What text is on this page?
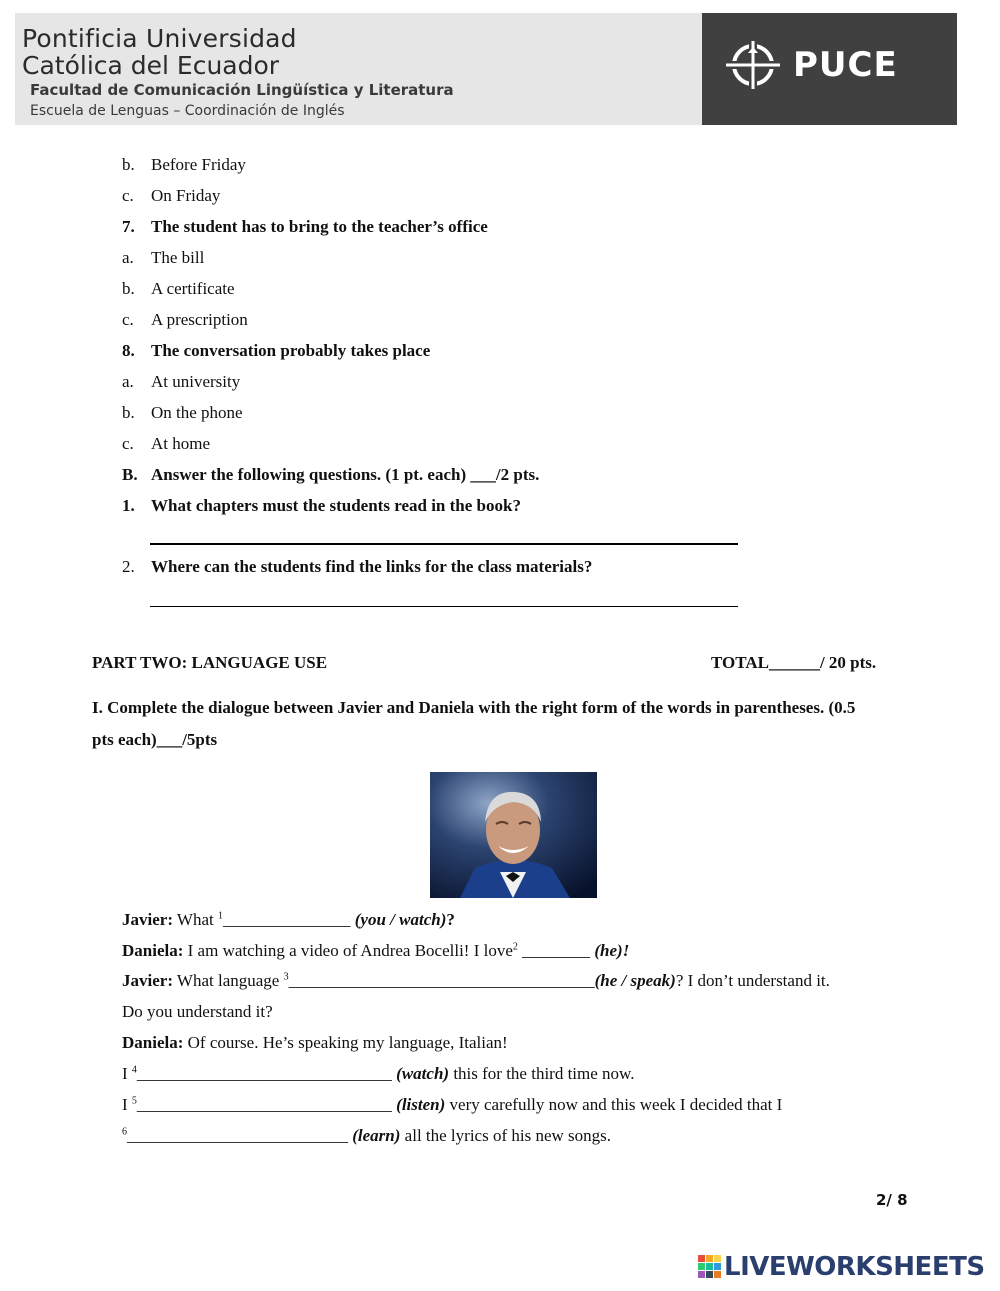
Pontificia Universidad
Católica del Ecuador
Facultad de Comunicación Lingüística y Literatura
Escuela de Lenguas – Coordinación de Inglés
PUCE
b. Before Friday
c. On Friday
7. The student has to bring to the teacher’s office
a. The bill
b. A certificate
c. A prescription
8. The conversation probably takes place
a. At university
b. On the phone
c. At home
B. Answer the following questions. (1 pt. each) ___/2 pts.
1. What chapters must the students read in the book?
2. Where can the students find the links for the class materials?
PART TWO: LANGUAGE USE	TOTAL______/ 20 pts.
I. Complete the dialogue between Javier and Daniela with the right form of the words in parentheses. (0.5
pts each)___/5pts
Javier: What $^1$_______________ (you / watch)?
Daniela: I am watching a video of Andrea Bocelli! I love$^2$ ________ (he)!
Javier: What language $^3$____________________________________(he / speak)? I don’t understand it.
Do you understand it?
Daniela: Of course. He’s speaking my language, Italian!
I $^4$______________________________ (watch) this for the third time now.
I $^5$______________________________ (listen) very carefully now and this week I decided that I
$^6$__________________________ (learn) all the lyrics of his new songs.
2/ 8
LIVEWORKSHEETS
